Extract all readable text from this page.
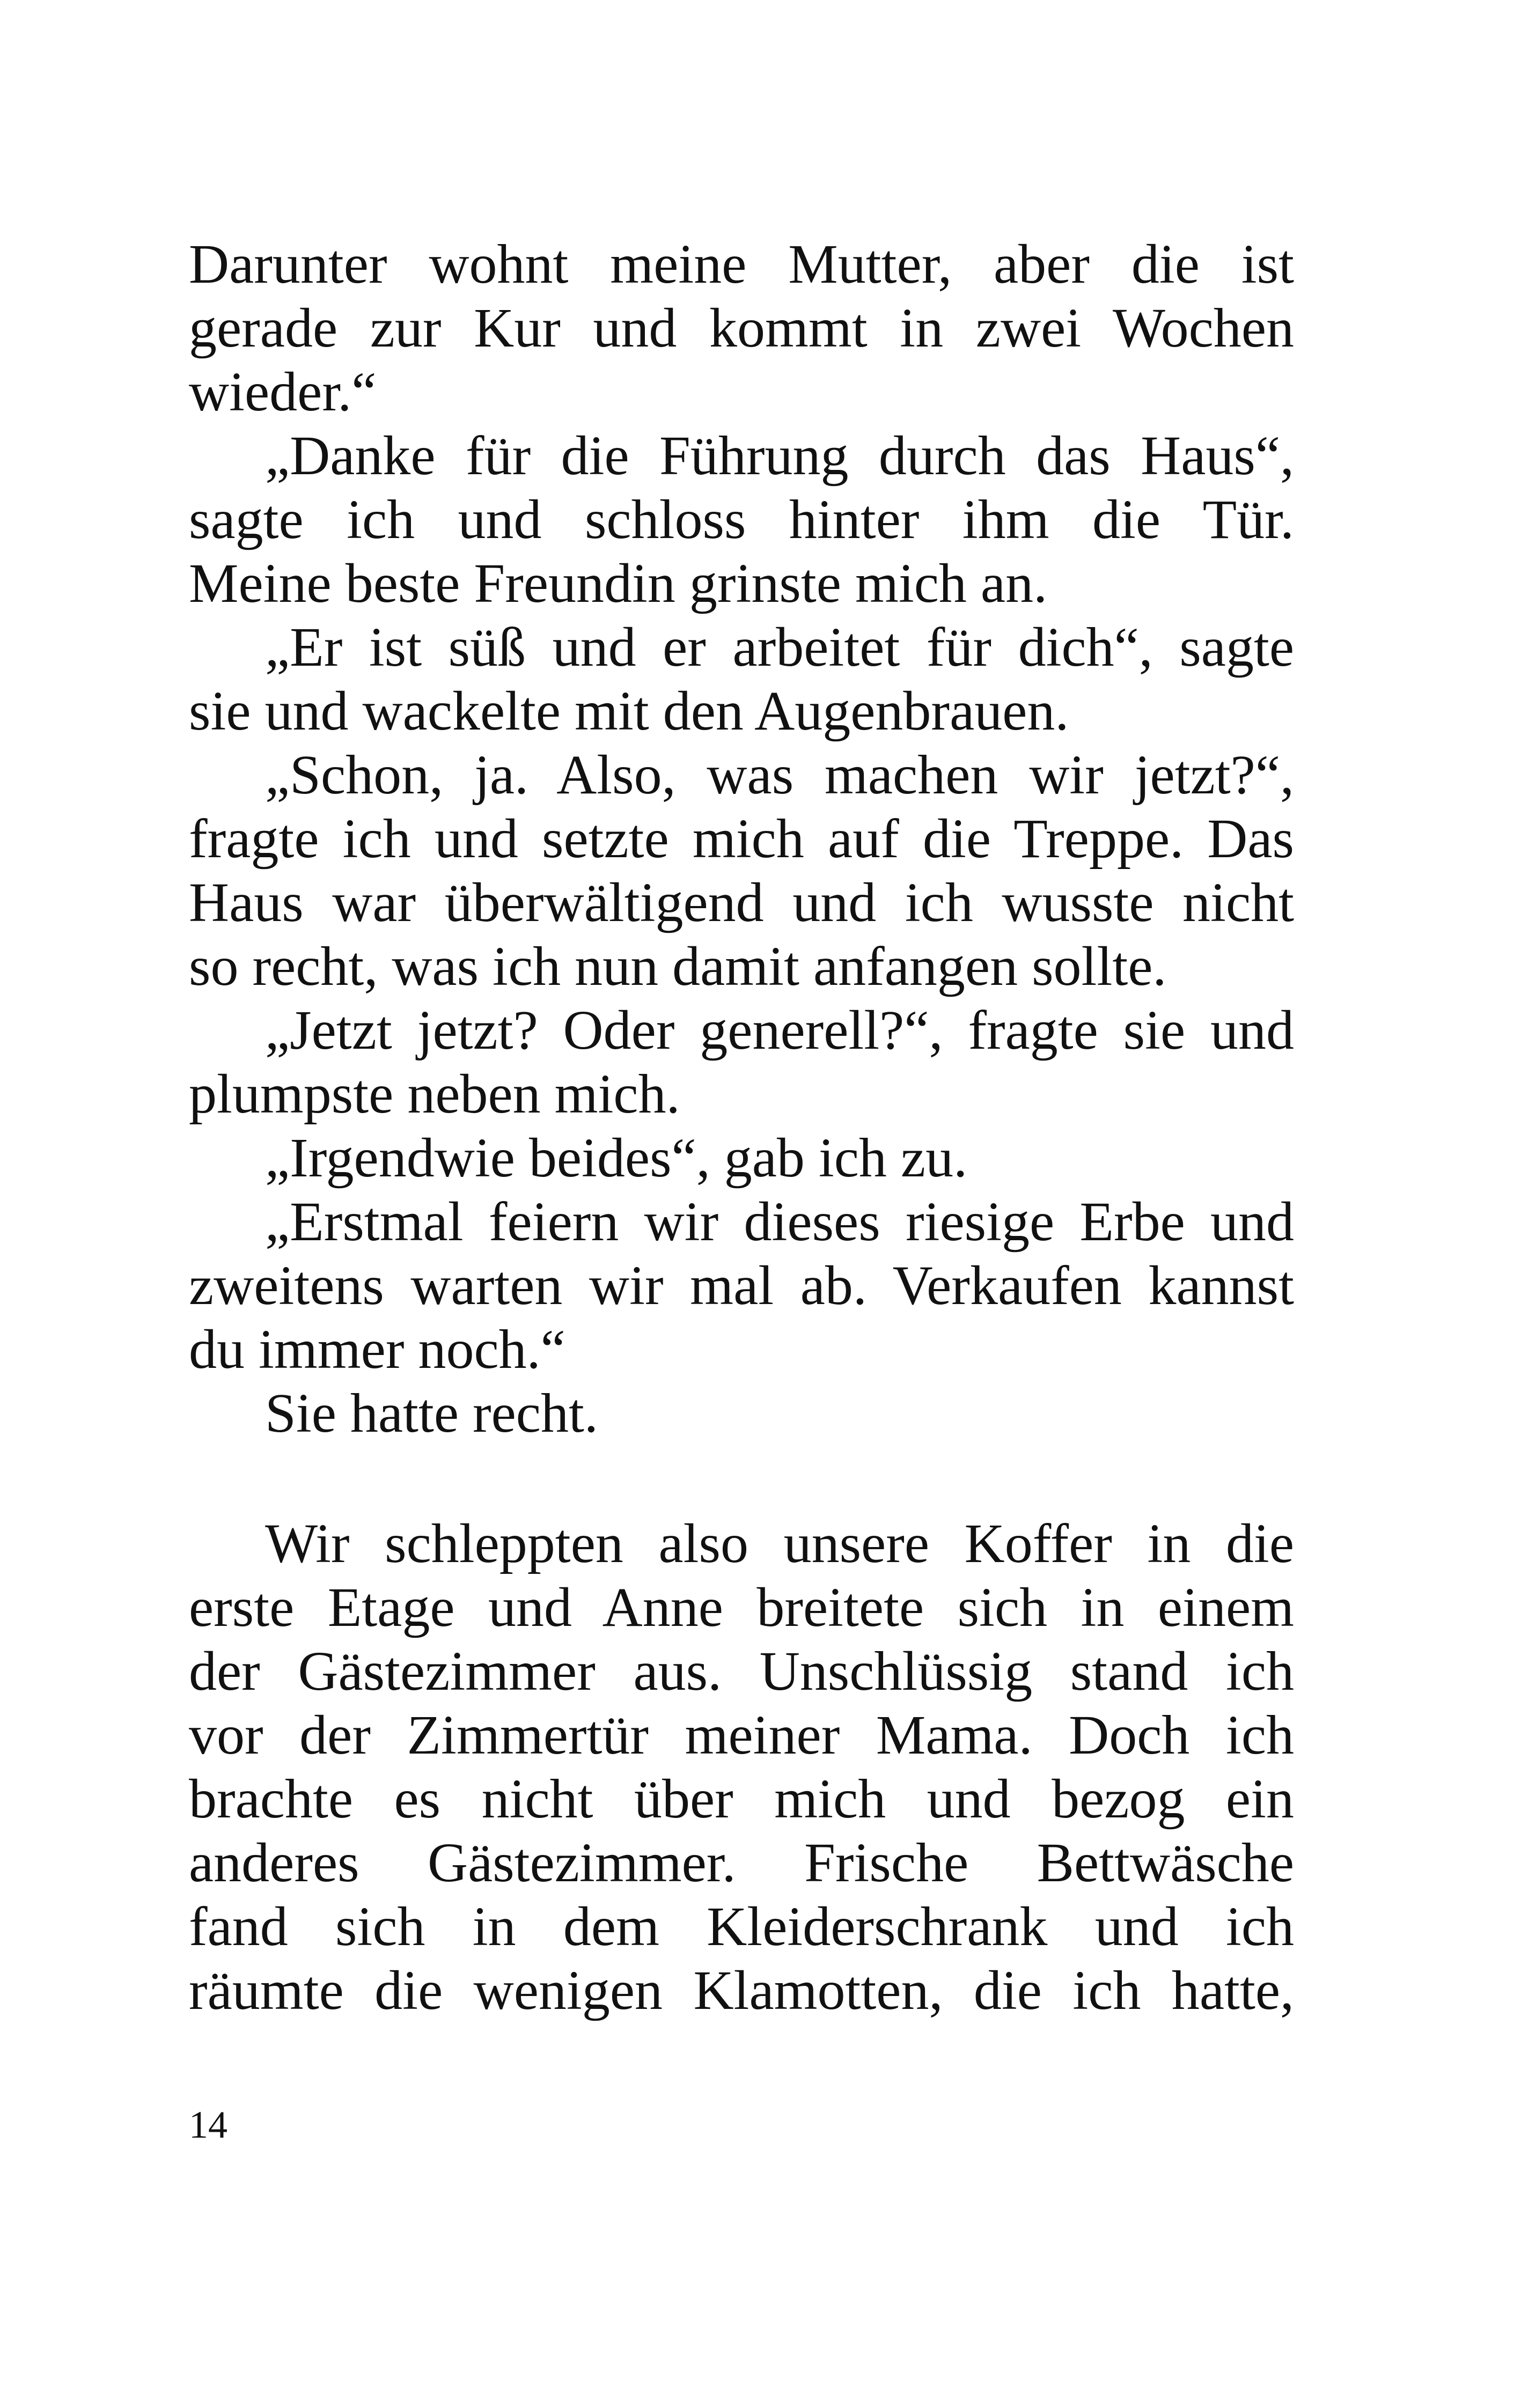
Darunter wohnt meine Mutter, aber die ist
gerade zur Kur und kommt in zwei Wochen
wieder.“
„Danke für die Führung durch das Haus“,
sagte ich und schloss hinter ihm die Tür.
Meine beste Freundin grinste mich an.
„Er ist süß und er arbeitet für dich“, sagte
sie und wackelte mit den Augenbrauen.
„Schon, ja. Also, was machen wir jetzt?“,
fragte ich und setzte mich auf die Treppe. Das
Haus war überwältigend und ich wusste nicht
so recht, was ich nun damit anfangen sollte.
„Jetzt jetzt? Oder generell?“, fragte sie und
plumpste neben mich.
„Irgendwie beides“, gab ich zu.
„Erstmal feiern wir dieses riesige Erbe und
zweitens warten wir mal ab. Verkaufen kannst
du immer noch.“
Sie hatte recht.
Wir schleppten also unsere Koffer in die
erste Etage und Anne breitete sich in einem
der Gästezimmer aus. Unschlüssig stand ich
vor der Zimmertür meiner Mama. Doch ich
brachte es nicht über mich und bezog ein
anderes Gästezimmer. Frische Bettwäsche
fand sich in dem Kleiderschrank und ich
räumte die wenigen Klamotten, die ich hatte,
14
